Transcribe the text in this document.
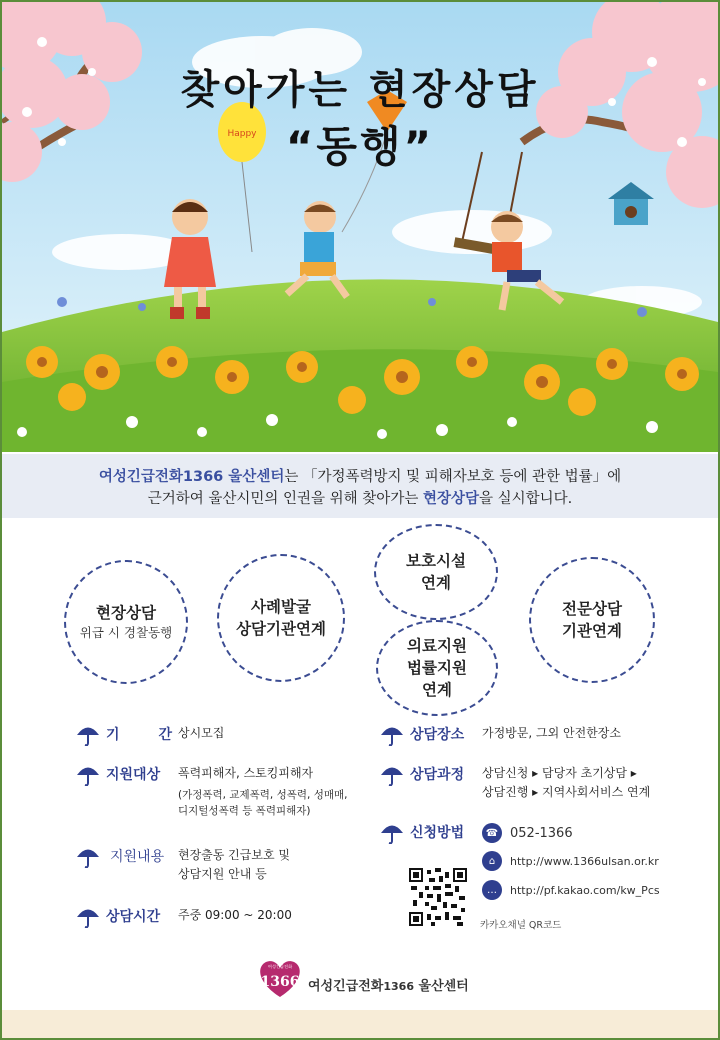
Happy
찾아가는 현장상담
“동행”
여성긴급전화1366 울산센터는 「가정폭력방지 및 피해자보호 등에 관한 법률」에
근거하여 울산시민의 인권을 위해 찾아가는 현장상담을 실시합니다.
현장상담
위급 시 경찰동행
사례발굴
상담기관연계
보호시설
연계
의료지원
법률지원
연계
전문상담
기관연계
기	간 상시모집
지원대상	폭력피해자, 스토킹피해자
(가정폭력, 교제폭력, 성폭력, 성매매,
디지털성폭력 등 폭력피해자)
지원내용	현장출동 긴급보호 및
상담지원 안내 등
상담시간	주중 09:00 ~ 20:00
상담장소	가정방문, 그외 안전한장소
상담과정	상담신청 ▸ 담당자 초기상담 ▸
상담진행 ▸ 지역사회서비스 연계
신청방법	☎ 052-1366
⌂	http://www.1366ulsan.or.kr
…	http://pf.kakao.com/kw_Pcs
카카오채널 QR코드
여성긴급전화
1366 여성긴급전화1366 울산센터
